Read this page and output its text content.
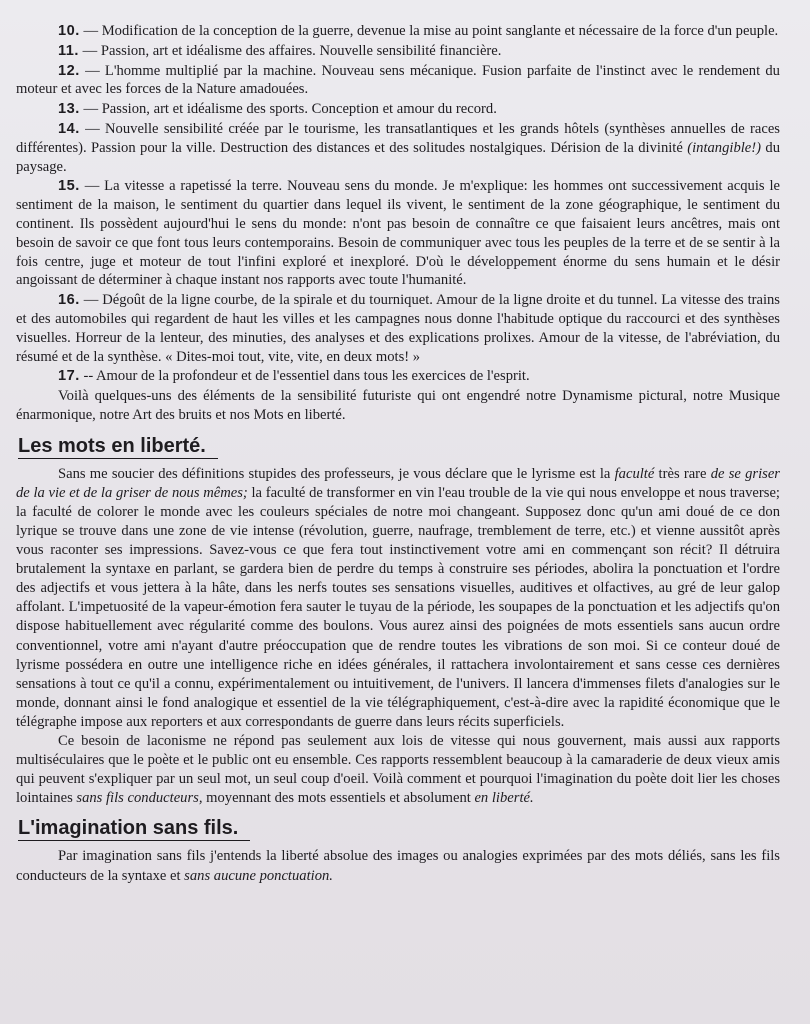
10. — Modification de la conception de la guerre, devenue la mise au point sanglante et nécessaire de la force d'un peuple.

11. — Passion, art et idéalisme des affaires. Nouvelle sensibilité financière.

12. — L'homme multiplié par la machine. Nouveau sens mécanique. Fusion parfaite de l'instinct avec le rendement du moteur et avec les forces de la Nature amadouées.

13. — Passion, art et idéalisme des sports. Conception et amour du record.

14. — Nouvelle sensibilité créée par le tourisme, les transatlantiques et les grands hôtels (synthèses annuelles de races différentes). Passion pour la ville. Destruction des distances et des solitudes nostalgiques. Dérision de la divinité (intangible!) du paysage.

15. — La vitesse a rapetissé la terre. Nouveau sens du monde. Je m'explique: les hommes ont successivement acquis le sentiment de la maison, le sentiment du quartier dans lequel ils vivent, le sentiment de la zone géographique, le sentiment du continent. Ils possèdent aujourd'hui le sens du monde: n'ont pas besoin de connaître ce que faisaient leurs ancêtres, mais ont besoin de savoir ce que font tous leurs contemporains. Besoin de communiquer avec tous les peuples de la terre et de se sentir à la fois centre, juge et moteur de tout l'infini exploré et inexploré. D'où le développement énorme du sens humain et le désir angoissant de déterminer à chaque instant nos rapports avec toute l'humanité.

16. — Dégoût de la ligne courbe, de la spirale et du tourniquet. Amour de la ligne droite et du tunnel. La vitesse des trains et des automobiles qui regardent de haut les villes et les campagnes nous donne l'habitude optique du raccourci et des synthèses visuelles. Horreur de la lenteur, des minuties, des analyses et des explications prolixes. Amour de la vitesse, de l'abréviation, du résumé et de la synthèse. « Dites-moi tout, vite, vite, en deux mots! »

17. -- Amour de la profondeur et de l'essentiel dans tous les exercices de l'esprit.

Voilà quelques-uns des éléments de la sensibilité futuriste qui ont engendré notre Dynamisme pictural, notre Musique énarmonique, notre Art des bruits et nos Mots en liberté.

Les mots en liberté.

Sans me soucier des définitions stupides des professeurs, je vous déclare que le lyrisme est la faculté très rare de se griser de la vie et de la griser de nous mêmes; la faculté de transformer en vin l'eau trouble de la vie qui nous enveloppe et nous traverse; la faculté de colorer le monde avec les couleurs spéciales de notre moi changeant. Supposez donc qu'un ami doué de ce don lyrique se trouve dans une zone de vie intense (révolution, guerre, naufrage, tremblement de terre, etc.) et vienne aussitôt après vous raconter ses impressions. Savez-vous ce que fera tout instinctivement votre ami en commençant son récit? Il détruira brutalement la syntaxe en parlant, se gardera bien de perdre du temps à construire ses périodes, abolira la ponctuation et l'ordre des adjectifs et vous jettera à la hâte, dans les nerfs toutes ses sensations visuelles, auditives et olfactives, au gré de leur galop affolant. L'impetuosité de la vapeur-émotion fera sauter le tuyau de la période, les soupapes de la ponctuation et les adjectifs qu'on dispose habituellement avec régularité comme des boulons. Vous aurez ainsi des poignées de mots essentiels sans aucun ordre conventionnel, votre ami n'ayant d'autre préoccupation que de rendre toutes les vibrations de son moi. Si ce conteur doué de lyrisme possédera en outre une intelligence riche en idées générales, il rattachera involontairement et sans cesse ces dernières sensations à tout ce qu'il a connu, expérimentalement ou intuitivement, de l'univers. Il lancera d'immenses filets d'analogies sur le monde, donnant ainsi le fond analogique et essentiel de la vie télégraphiquement, c'est-à-dire avec la rapidité économique que le télégraphe impose aux reporters et aux correspondants de guerre dans leurs récits superficiels.

Ce besoin de laconisme ne répond pas seulement aux lois de vitesse qui nous gouvernent, mais aussi aux rapports multiséculaires que le poète et le public ont eu ensemble. Ces rapports ressemblent beaucoup à la camaraderie de deux vieux amis qui peuvent s'expliquer par un seul mot, un seul coup d'oeil. Voilà comment et pourquoi l'imagination du poète doit lier les choses lointaines sans fils conducteurs, moyennant des mots essentiels et absolument en liberté.

L'imagination sans fils.

Par imagination sans fils j'entends la liberté absolue des images ou analogies exprimées par des mots déliés, sans les fils conducteurs de la syntaxe et sans aucune ponctuation.
